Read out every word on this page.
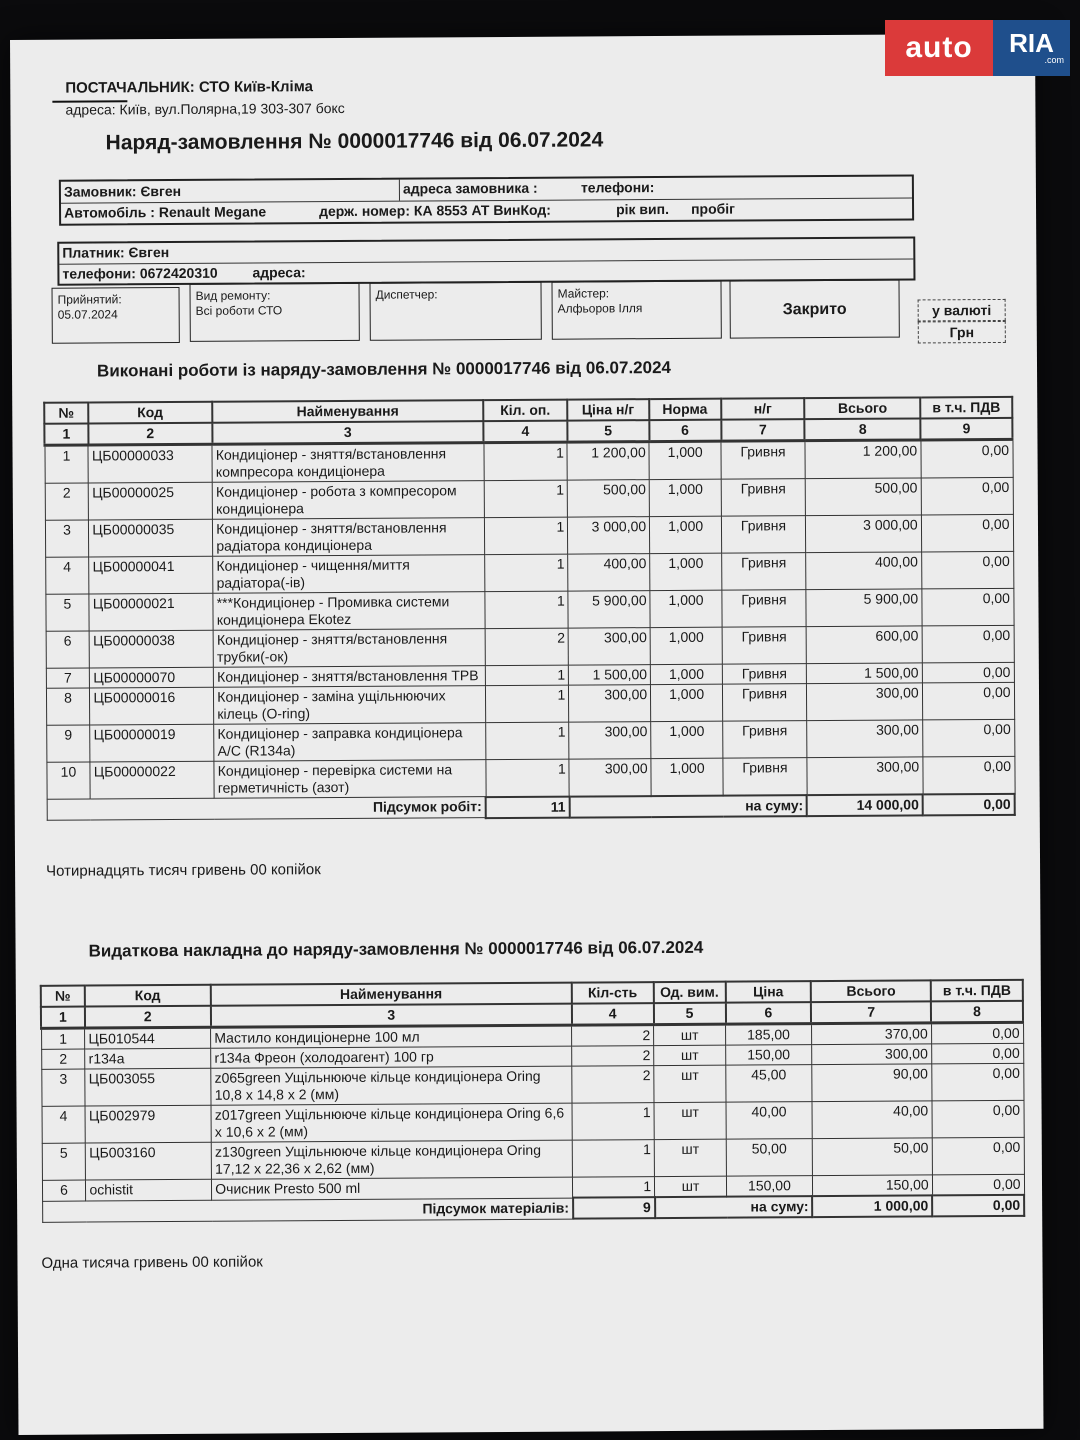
ПОСТАЧАЛЬНИК: СТО Київ-Кліма
адреса: Київ, вул.Полярна,19 303-307 бокс
Наряд-замовлення № 0000017746 від 06.07.2024
Замовник: Євген	адреса замовника :	телефони:
Автомобіль : Renault Megane	держ. номер: КА 8553 АТ ВинКод:	рік вип. пробіг
Платник: Євген
телефони: 0672420310 адреса:
Прийнятий:
05.07.2024
Вид ремонту:
Всі роботи СТО
Диспетчер:	Майстер:
Алфьоров Ілля	Закрито	у валюті
Грн
Виконані роботи із наряду-замовлення № 0000017746 від 06.07.2024
№	Код	Найменування	Кіл. оп.	Ціна н/г	Норма	н/г	Всього	в т.ч. ПДВ
1	2	3	4	5	6	7	8	9
1	ЦБ00000033	Кондиціонер - зняття/встановлення компресора кондиціонера	1	1 200,00	1,000	Гривня	1 200,00	0,00
2	ЦБ00000025	Кондиціонер - робота з компресором кондиціонера	1	500,00	1,000	Гривня	500,00	0,00
3	ЦБ00000035	Кондиціонер - зняття/встановлення радіатора кондиціонера	1	3 000,00	1,000	Гривня	3 000,00	0,00
4	ЦБ00000041	Кондиціонер - чищення/миття радіатора(-ів)	1	400,00	1,000	Гривня	400,00	0,00
5	ЦБ00000021	***Кондиціонер - Промивка системи кондиціонера Ekotez	1	5 900,00	1,000	Гривня	5 900,00	0,00
6	ЦБ00000038	Кондиціонер - зняття/встановлення трубки(-ок)	2	300,00	1,000	Гривня	600,00	0,00
7	ЦБ00000070	Кондиціонер - зняття/встановлення ТРВ	1	1 500,00	1,000	Гривня	1 500,00	0,00
8	ЦБ00000016	Кондиціонер - заміна ущільнюючих кілець (O-ring)	1	300,00	1,000	Гривня	300,00	0,00
9	ЦБ00000019	Кондиціонер - заправка кондиціонера A/C (R134a)	1	300,00	1,000	Гривня	300,00	0,00
10	ЦБ00000022	Кондиціонер - перевірка системи на герметичність (азот)	1	300,00	1,000	Гривня	300,00	0,00
Підсумок робіт:			11	на суму:			14 000,00	0,00
Чотирнадцять тисяч гривень 00 копійок
Видаткова накладна до наряду-замовлення № 0000017746 від 06.07.2024
№	Код	Найменування	Кіл-сть	Од. вим.	Ціна	Всього	в т.ч. ПДВ
1	2	3	4	5	6	7	8
1	ЦБ010544	Мастило кондиціонерне 100 мл	2	шт	185,00	370,00	0,00
2	r134a	r134a Фреон (холодоагент) 100 гр	2	шт	150,00	300,00	0,00
3	ЦБ003055	z065green Ущільнююче кільце кондиціонера Oring 10,8 x 14,8 x 2 (мм)	2	шт	45,00	90,00	0,00
4	ЦБ002979	z017green Ущільнююче кільце кондиціонера Oring 6,6 x 10,6 x 2 (мм)	1	шт	40,00	40,00	0,00
5	ЦБ003160	z130green Ущільнююче кільце кондиціонера Oring 17,12 x 22,36 x 2,62 (мм)	1	шт	50,00	50,00	0,00
6	ochistit	Очисник Presto 500 ml	1	шт	150,00	150,00	0,00
Підсумок матеріалів:			9	на суму:		1 000,00	0,00
Одна тисяча гривень 00 копійок
auto	RIA
.com
